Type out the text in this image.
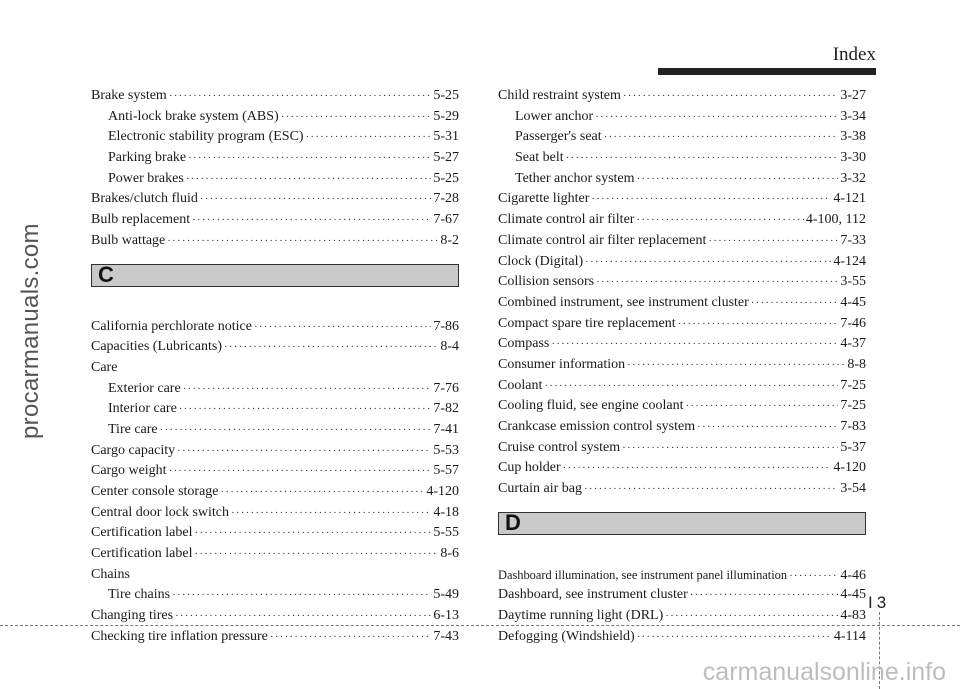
Index
procarmanuals.com
Brake system ·····	5-25
Anti-lock brake system (ABS) ·····	5-29
Electronic stability program (ESC) ·····	5-31
Parking brake ·····	5-27
Power brakes ·····	5-25
Brakes/clutch fluid ·····	7-28
Bulb replacement ·····	7-67
Bulb wattage ·····	8-2
C
California perchlorate notice ·····	7-86
Capacities (Lubricants) ·····	8-4
Care
Exterior care ·····	7-76
Interior care ·····	7-82
Tire care ·····	7-41
Cargo capacity ·····	5-53
Cargo weight ·····	5-57
Center console storage ·····	4-120
Central door lock switch ·····	4-18
Certification label ·····	5-55
Certification label ·····	8-6
Chains
Tire chains ·····	5-49
Changing tires ·····	6-13
Checking tire inflation pressure ·····	7-43
Child restraint system ·····	3-27
Lower anchor ·····	3-34
Passerger's seat ·····	3-38
Seat belt ·····	3-30
Tether anchor system ·····	3-32
Cigarette lighter ·····	4-121
Climate control air filter ·····	4-100, 112
Climate control air filter replacement ·····	7-33
Clock (Digital) ·····	4-124
Collision sensors ·····	3-55
Combined instrument, see instrument cluster ·····	4-45
Compact spare tire replacement ·····	7-46
Compass ·····	4-37
Consumer information ·····	8-8
Coolant ·····	7-25
Cooling fluid, see engine coolant ·····	7-25
Crankcase emission control system ·····	7-83
Cruise control system ·····	5-37
Cup holder ·····	4-120
Curtain air bag ·····	3-54
D
Dashboard illumination, see instrument panel illumination ·····	4-46
Dashboard, see instrument cluster ·····	4-45
Daytime running light (DRL) ·····	4-83
Defogging (Windshield) ·····	4-114
I3
carmanualsonline.info
